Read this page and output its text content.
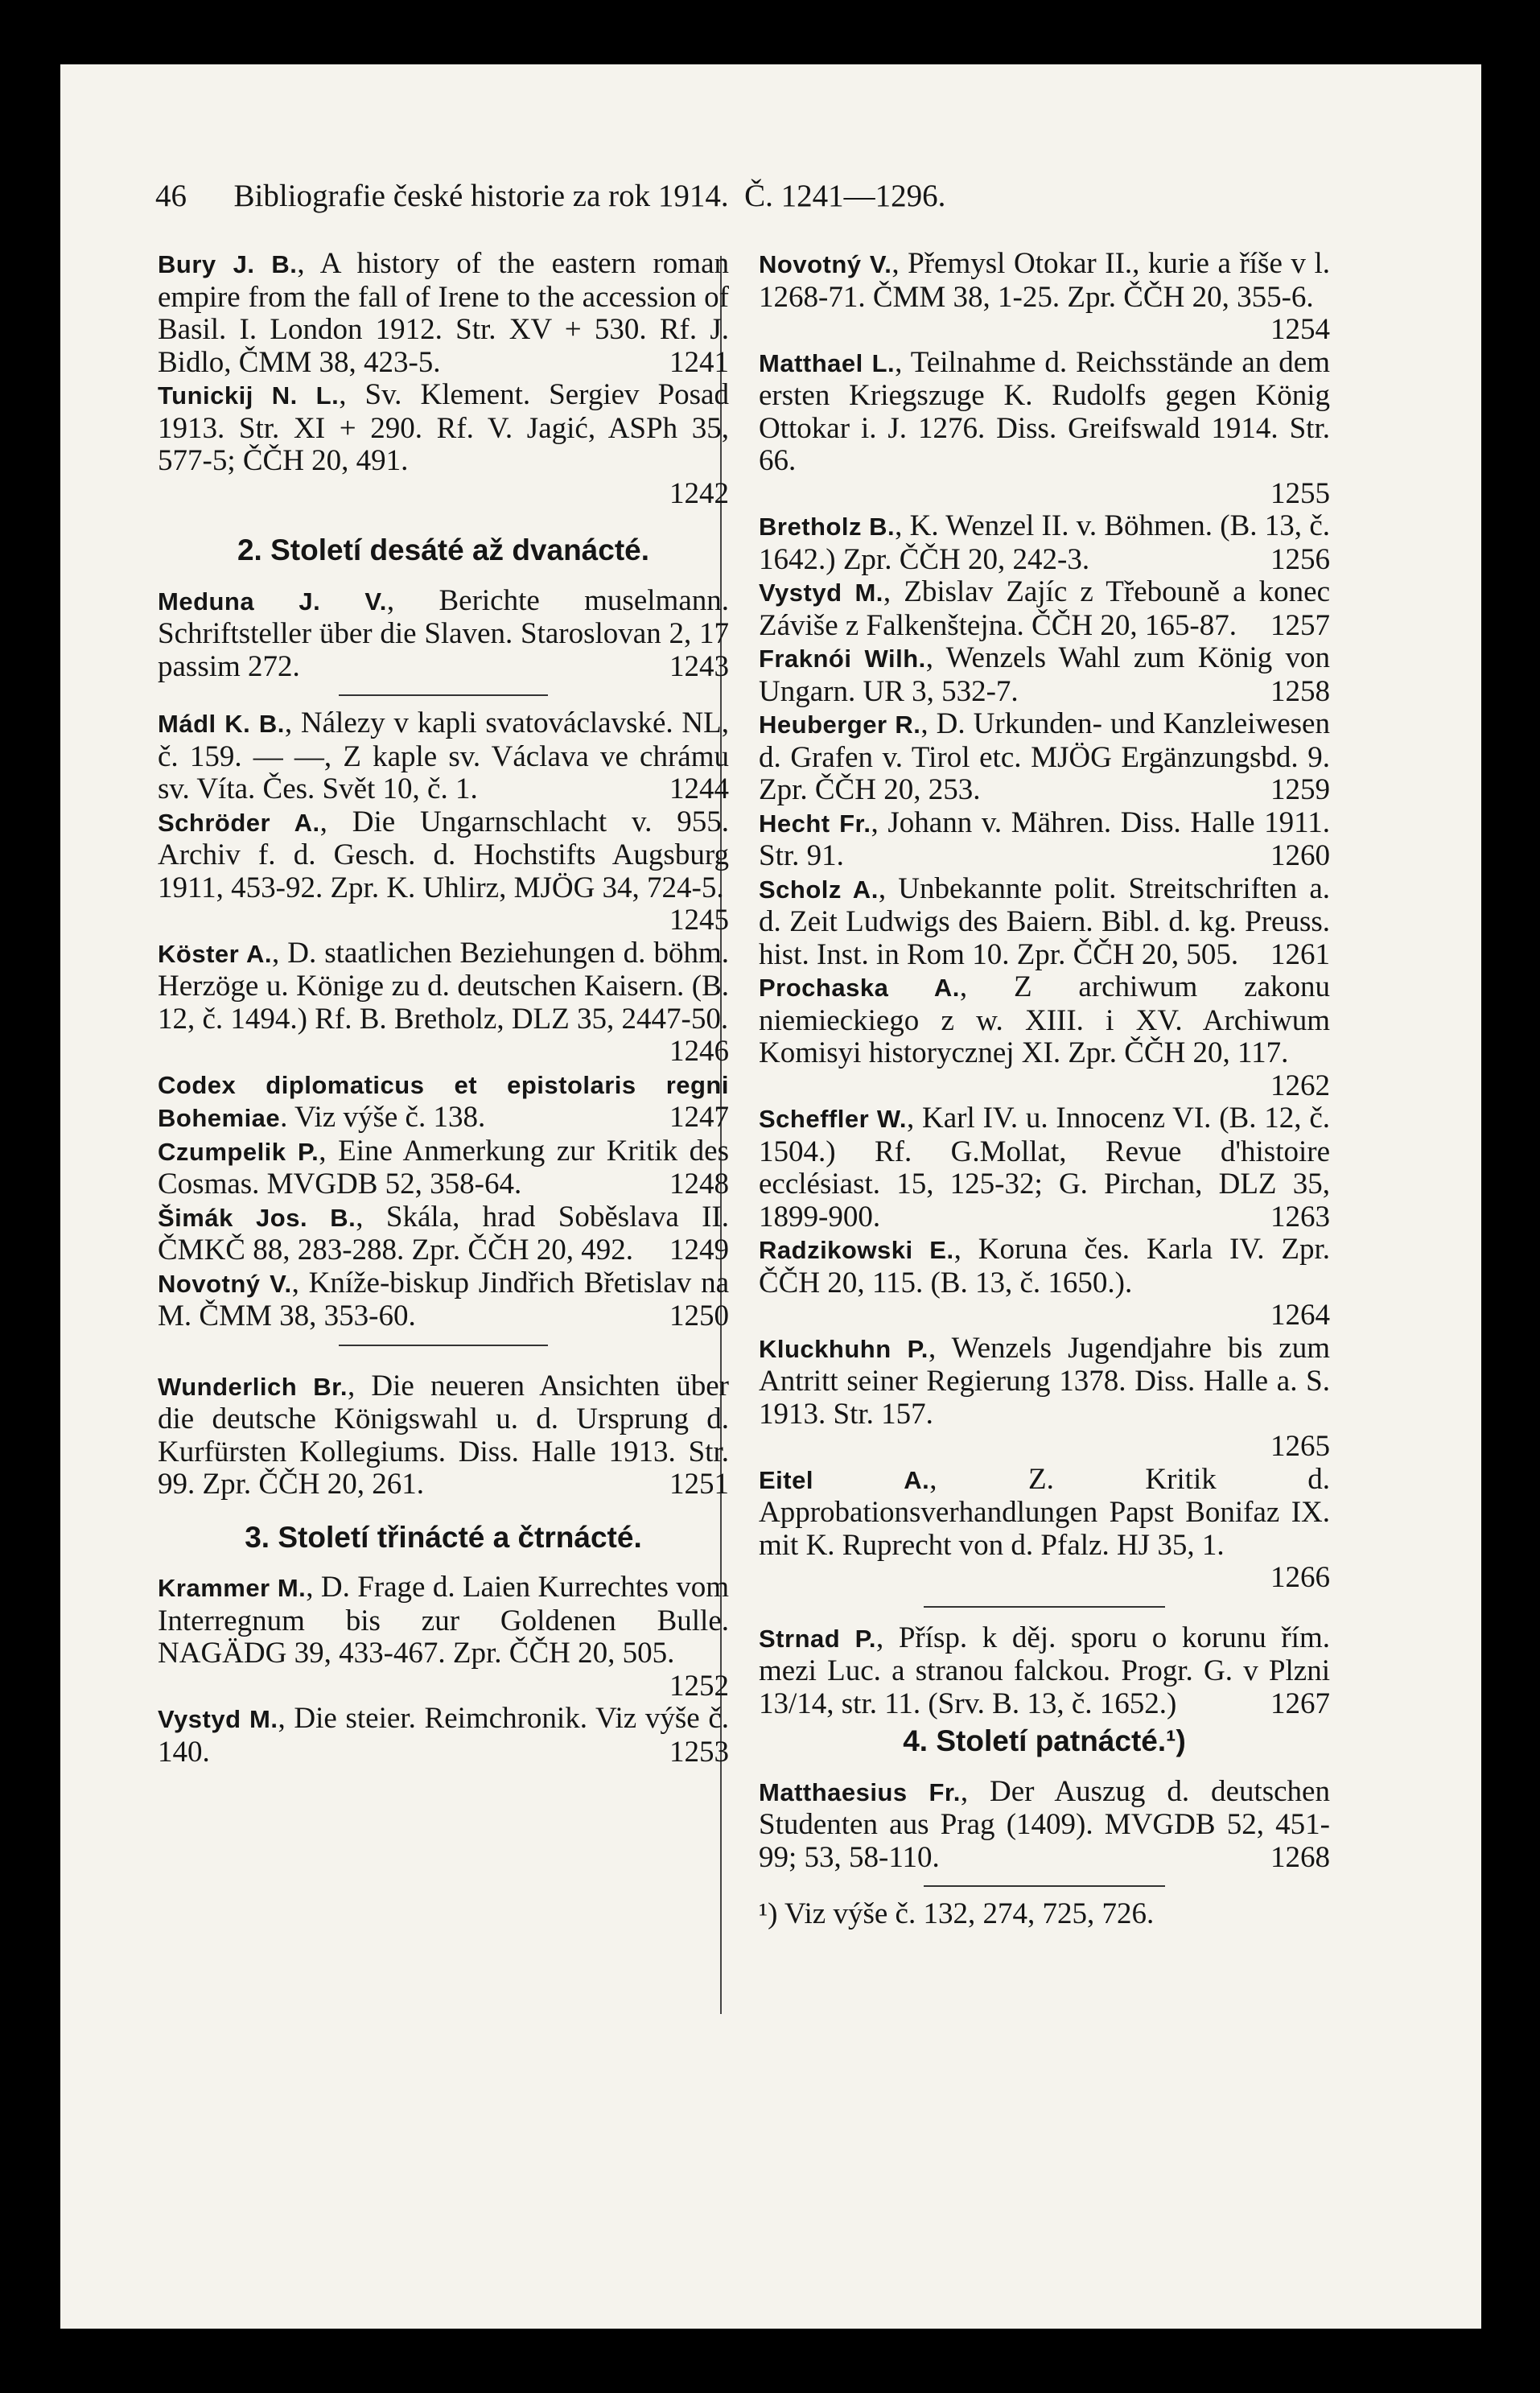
46      Bibliografie české historie za rok 1914.  Č. 1241—1296.

Bury J. B., A history of the eastern roman empire from the fall of Irene to the accession of Basil. I. London 1912. Str. XV + 530. Rf. J. Bidlo, ČMM 38, 423-5.	1241

Tunickij N. L., Sv. Klement. Sergiev Posad 1913. Str. XI + 290. Rf. V. Jagić, ASPh 35, 577-5; ČČH 20, 491.
1242

2. Století desáté až dvanácté.

Meduna J. V., Berichte muselmann. Schriftsteller über die Slaven. Staroslovan 2, 17 passim 272.	1243

Mádl K. B., Nálezy v kapli svatováclavské. NL, č. 159. — —, Z kaple sv. Václava ve chrámu sv. Víta. Čes. Svět 10, č. 1.	1244

Schröder A., Die Ungarnschlacht v. 955. Archiv f. d. Gesch. d. Hochstifts Augsburg 1911, 453-92. Zpr. K. Uhlirz, MJÖG 34, 724-5.
1245

Köster A., D. staatlichen Beziehungen d. böhm. Herzöge u. Könige zu d. deutschen Kaisern. (B. 12, č. 1494.) Rf. B. Bretholz, DLZ 35, 2447-50.
1246

Codex diplomaticus et epistolaris regni Bohemiae. Viz výše č. 138.	1247

Czumpelik P., Eine Anmerkung zur Kritik des Cosmas. MVGDB 52, 358-64.	1248

Šimák Jos. B., Skála, hrad Soběslava II. ČMKČ 88, 283-288. Zpr. ČČH 20, 492. 1249

Novotný V., Kníže-biskup Jindřich Břetislav na M. ČMM 38, 353-60.	1250

Wunderlich Br., Die neueren Ansichten über die deutsche Königswahl u. d. Ursprung d. Kurfürsten Kollegiums. Diss. Halle 1913. Str. 99. Zpr. ČČH 20, 261.	1251

3. Století třinácté a čtrnácté.

Krammer M., D. Frage d. Laien Kurrechtes vom Interregnum bis zur Goldenen Bulle. NAGÄDG 39, 433-467. Zpr. ČČH 20, 505.
1252

Vystyd M., Die steier. Reimchronik. Viz výše č. 140.	1253

Novotný V., Přemysl Otokar II., kurie a říše v l. 1268-71. ČMM 38, 1-25. Zpr. ČČH 20, 355-6.
1254

Matthael L., Teilnahme d. Reichsstände an dem ersten Kriegszuge K. Rudolfs gegen König Ottokar i. J. 1276. Diss. Greifswald 1914. Str. 66.
1255

Bretholz B., K. Wenzel II. v. Böhmen. (B. 13, č. 1642.) Zpr. ČČH 20, 242-3.	1256

Vystyd M., Zbislav Zajíc z Třebouně a konec Záviše z Falkenštejna. ČČH 20, 165-87. 1257

Fraknói Wilh., Wenzels Wahl zum König von Ungarn. UR 3, 532-7.	1258

Heuberger R., D. Urkunden- und Kanzleiwesen d. Grafen v. Tirol etc. MJÖG Ergänzungsbd. 9. Zpr. ČČH 20, 253.	1259

Hecht Fr., Johann v. Mähren. Diss. Halle 1911. Str. 91.	1260

Scholz A., Unbekannte polit. Streitschriften a. d. Zeit Ludwigs des Baiern. Bibl. d. kg. Preuss. hist. Inst. in Rom 10. Zpr. ČČH 20, 505. 1261

Prochaska A., Z archiwum zakonu niemieckiego z w. XIII. i XV. Archiwum Komisyi historycznej XI. Zpr. ČČH 20, 117.
1262

Scheffler W., Karl IV. u. Innocenz VI. (B. 12, č. 1504.) Rf. G.Mollat, Revue d'histoire ecclésiast. 15, 125-32; G. Pirchan, DLZ 35, 1899-900.	1263

Radzikowski E., Koruna čes. Karla IV. Zpr. ČČH 20, 115. (B. 13, č. 1650.).
1264

Kluckhuhn P., Wenzels Jugendjahre bis zum Antritt seiner Regierung 1378. Diss. Halle a. S. 1913. Str. 157.
1265

Eitel A., Z. Kritik d. Approbationsverhandlungen Papst Bonifaz IX. mit K. Ruprecht von d. Pfalz. HJ 35, 1.
1266

Strnad P., Přísp. k děj. sporu o korunu řím. mezi Luc. a stranou falckou. Progr. G. v Plzni 13/14, str. 11. (Srv. B. 13, č. 1652.)	1267

4. Století patnácté.¹)

Matthaesius Fr., Der Auszug d. deutschen Studenten aus Prag (1409). MVGDB 52, 451-99; 53, 58-110.	1268

¹) Viz výše č. 132, 274, 725, 726.
